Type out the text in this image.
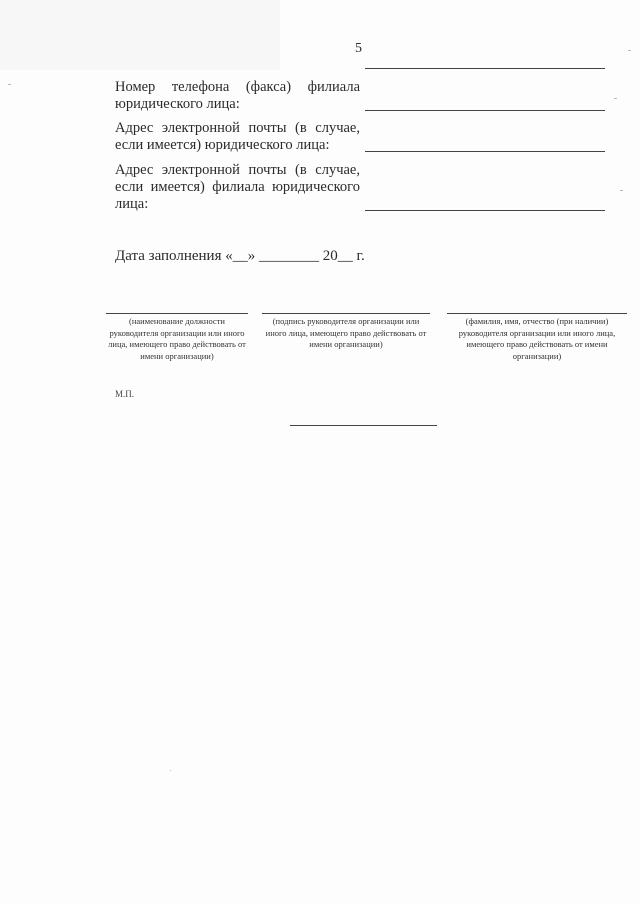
5
Номер телефона (факса) филиала юридического лица:
Адрес электронной почты (в случае, если имеется) юридического лица:
Адрес электронной почты (в случае, если имеется) филиала юридического лица:
Дата заполнения «__» ________ 20__ г.
(наименование должности руководителя организации или иного лица, имеющего право действовать от имени организации)
(подпись руководителя организации или иного лица, имеющего право действовать от имени организации)
(фамилия, имя, отчество (при наличии) руководителя организации или иного лица, имеющего право действовать от имени организации)
М.П.
